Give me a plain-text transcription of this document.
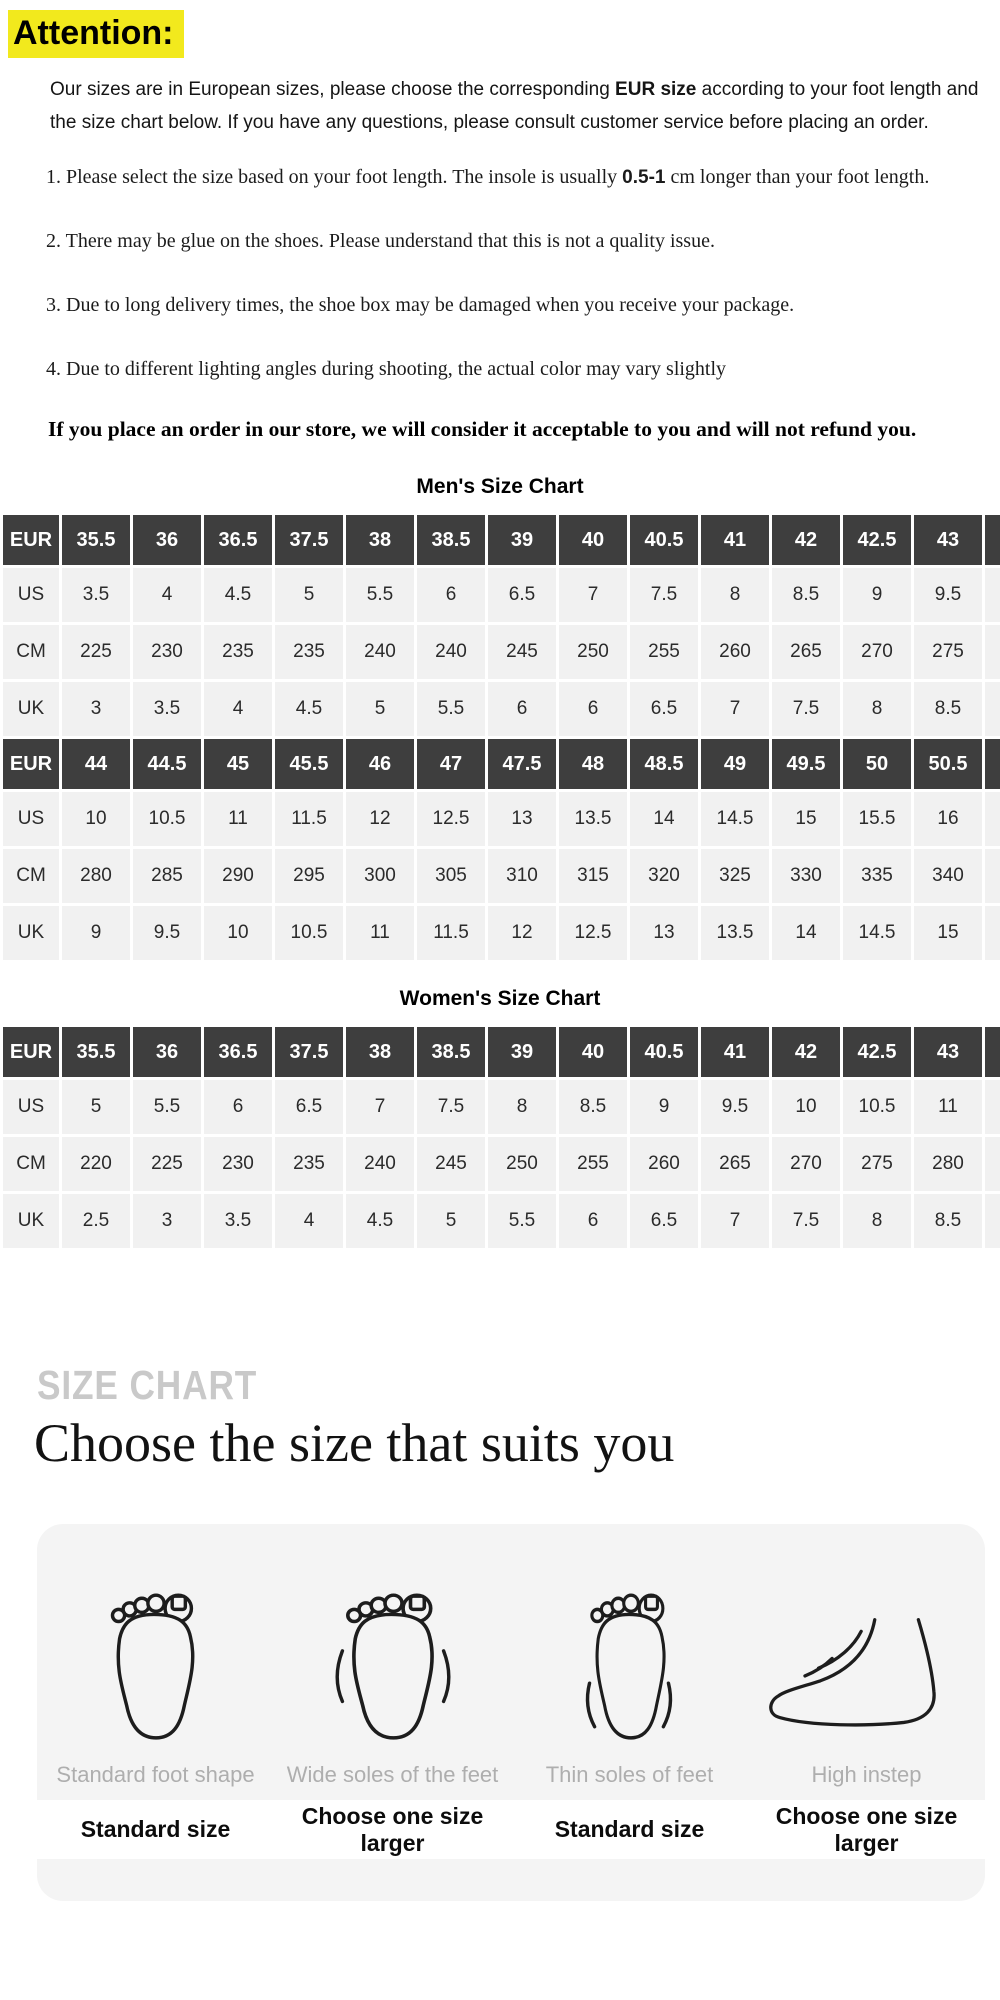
Attention:

Our sizes are in European sizes, please choose the corresponding EUR size according to your foot length and the size chart below. If you have any questions, please consult customer service before placing an order.

1. Please select the size based on your foot length. The insole is usually 0.5-1 cm longer than your foot length.
2. There may be glue on the shoes. Please understand that this is not a quality issue.
3. Due to long delivery times, the shoe box may be damaged when you receive your package.
4. Due to different lighting angles during shooting, the actual color may vary slightly

If you place an order in our store, we will consider it acceptable to you and will not refund you.

Men's Size Chart
EUR	35.5	36	36.5	37.5	38	38.5	39	40	40.5	41	42	42.5	43	
US	3.5	4	4.5	5	5.5	6	6.5	7	7.5	8	8.5	9	9.5	
CM	225	230	235	235	240	240	245	250	255	260	265	270	275	
UK	3	3.5	4	4.5	5	5.5	6	6	6.5	7	7.5	8	8.5	
EUR	44	44.5	45	45.5	46	47	47.5	48	48.5	49	49.5	50	50.5	
US	10	10.5	11	11.5	12	12.5	13	13.5	14	14.5	15	15.5	16	
CM	280	285	290	295	300	305	310	315	320	325	330	335	340	
UK	9	9.5	10	10.5	11	11.5	12	12.5	13	13.5	14	14.5	15	
Women's Size Chart
EUR	35.5	36	36.5	37.5	38	38.5	39	40	40.5	41	42	42.5	43	
US	5	5.5	6	6.5	7	7.5	8	8.5	9	9.5	10	10.5	11	
CM	220	225	230	235	240	245	250	255	260	265	270	275	280	
UK	2.5	3	3.5	4	4.5	5	5.5	6	6.5	7	7.5	8	8.5	
SIZE CHART
Choose the size that suits you
Standard foot shape	Wide soles of the feet	Thin soles of feet	High instep
Standard size
Choose one size larger
Standard size
Choose one size larger
